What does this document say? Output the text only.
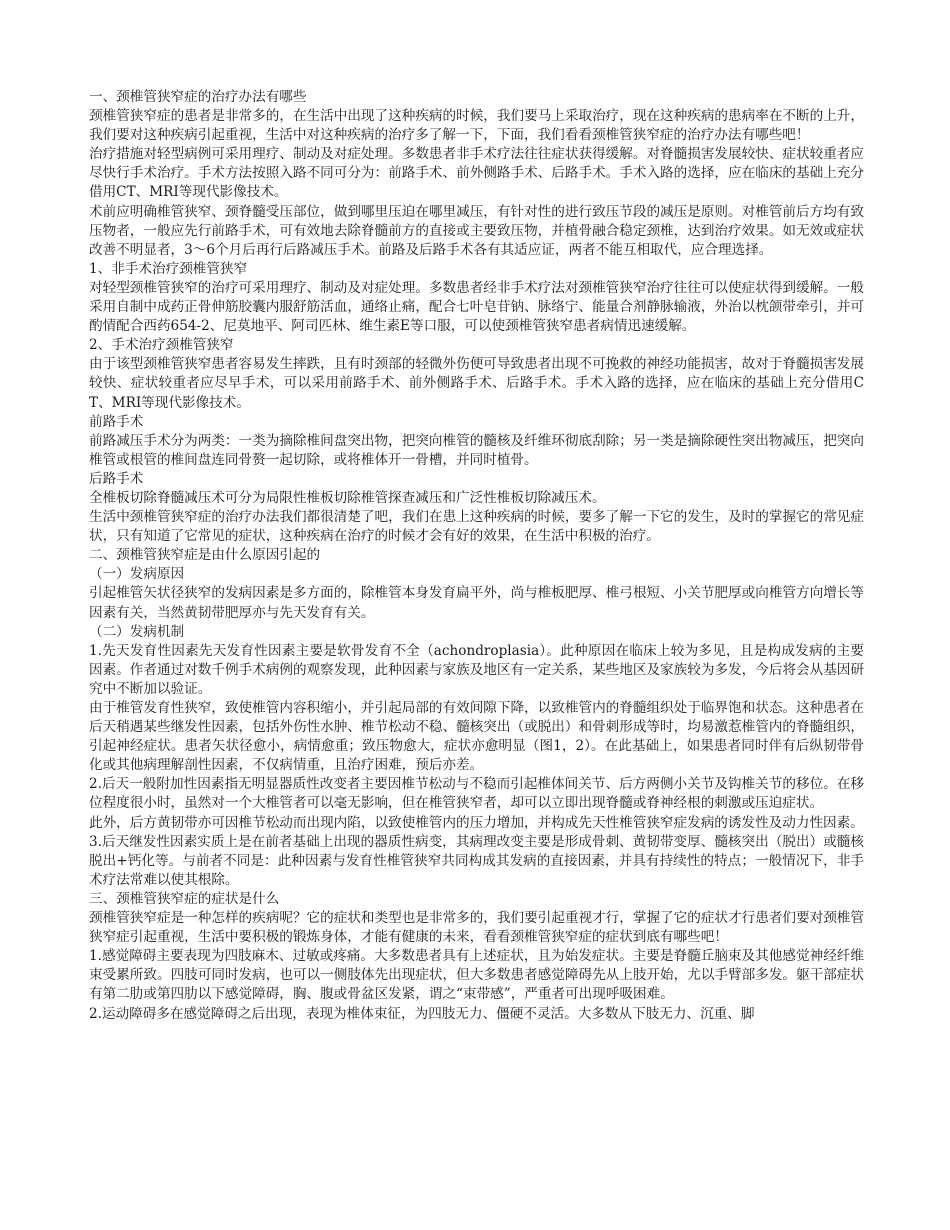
一、颈椎管狭窄症的治疗办法有哪些

颈椎管狭窄症的患者是非常多的，在生活中出现了这种疾病的时候，我们要马上采取治疗，现在这种疾病的患病率在不断的上升，我们要对这种疾病引起重视，生活中对这种疾病的治疗多了解一下，下面，我们看看颈椎管狭窄症的治疗办法有哪些吧！

治疗措施对轻型病例可采用理疗、制动及对症处理。多数患者非手术疗法往往症状获得缓解。对脊髓损害发展较快、症状较重者应尽快行手术治疗。手术方法按照入路不同可分为：前路手术、前外侧路手术、后路手术。手术入路的选择，应在临床的基础上充分借用CT、MRI等现代影像技术。

术前应明确椎管狭窄、颈脊髓受压部位，做到哪里压迫在哪里减压，有针对性的进行致压节段的减压是原则。对椎管前后方均有致压物者，一般应先行前路手术，可有效地去除脊髓前方的直接或主要致压物，并植骨融合稳定颈椎，达到治疗效果。如无效或症状改善不明显者，3～6个月后再行后路减压手术。前路及后路手术各有其适应证，两者不能互相取代，应合理选择。

1、非手术治疗颈椎管狭窄

对轻型颈椎管狭窄的治疗可采用理疗、制动及对症处理。多数患者经非手术疗法对颈椎管狭窄治疗往往可以使症状得到缓解。一般采用自制中成药正骨伸筋胶囊内服舒筋活血，通络止痛，配合七叶皂苷钠、脉络宁、能量合剂静脉输液，外治以枕颌带牵引，并可酌情配合西药654-2、尼莫地平、阿司匹林、维生素E等口服，可以使颈椎管狭窄患者病情迅速缓解。

2、手术治疗颈椎管狭窄

由于该型颈椎管狭窄患者容易发生摔跌，且有时颈部的轻微外伤便可导致患者出现不可挽救的神经功能损害，故对于脊髓损害发展较快、症状较重者应尽早手术，可以采用前路手术、前外侧路手术、后路手术。手术入路的选择，应在临床的基础上充分借用CT、MRI等现代影像技术。

前路手术

前路减压手术分为两类：一类为摘除椎间盘突出物，把突向椎管的髓核及纤维环彻底刮除；另一类是摘除硬性突出物减压，把突向椎管或根管的椎间盘连同骨赘一起切除，或将椎体开一骨槽，并同时植骨。

后路手术

全椎板切除脊髓减压术可分为局限性椎板切除椎管探查减压和广泛性椎板切除减压术。

生活中颈椎管狭窄症的治疗办法我们都很清楚了吧，我们在患上这种疾病的时候，要多了解一下它的发生，及时的掌握它的常见症状，只有知道了它常见的症状，这种疾病在治疗的时候才会有好的效果，在生活中积极的治疗。

二、颈椎管狭窄症是由什么原因引起的

（一）发病原因

引起椎管矢状径狭窄的发病因素是多方面的，除椎管本身发育扁平外，尚与椎板肥厚、椎弓根短、小关节肥厚或向椎管方向增长等因素有关，当然黄韧带肥厚亦与先天发育有关。

（二）发病机制

1.先天发育性因素先天发育性因素主要是软骨发育不全（achondroplasia）。此种原因在临床上较为多见，且是构成发病的主要因素。作者通过对数千例手术病例的观察发现，此种因素与家族及地区有一定关系，某些地区及家族较为多发，今后将会从基因研究中不断加以验证。

由于椎管发育性狭窄，致使椎管内容积缩小，并引起局部的有效间隙下降，以致椎管内的脊髓组织处于临界饱和状态。这种患者在后天稍遇某些继发性因素，包括外伤性水肿、椎节松动不稳、髓核突出（或脱出）和骨刺形成等时，均易激惹椎管内的脊髓组织，引起神经症状。患者矢状径愈小，病情愈重；致压物愈大，症状亦愈明显（图1，2）。在此基础上，如果患者同时伴有后纵韧带骨化或其他病理解剖性因素，不仅病情重，且治疗困难，预后亦差。

2.后天一般附加性因素指无明显器质性改变者主要因椎节松动与不稳而引起椎体间关节、后方两侧小关节及钩椎关节的移位。在移位程度很小时，虽然对一个大椎管者可以毫无影响，但在椎管狭窄者，却可以立即出现脊髓或脊神经根的刺激或压迫症状。

此外，后方黄韧带亦可因椎节松动而出现内陷，以致使椎管内的压力增加，并构成先天性椎管狭窄症发病的诱发性及动力性因素。

3.后天继发性因素实质上是在前者基础上出现的器质性病变，其病理改变主要是形成骨刺、黄韧带变厚、髓核突出（脱出）或髓核脱出+钙化等。与前者不同是：此种因素与发育性椎管狭窄共同构成其发病的直接因素，并具有持续性的特点；一般情况下，非手术疗法常难以使其根除。

三、颈椎管狭窄症的症状是什么

颈椎管狭窄症是一种怎样的疾病呢？它的症状和类型也是非常多的，我们要引起重视才行，掌握了它的症状才行患者们要对颈椎管狭窄症引起重视，生活中要积极的锻炼身体，才能有健康的未来，看看颈椎管狭窄症的症状到底有哪些吧！

1.感觉障碍主要表现为四肢麻木、过敏或疼痛。大多数患者具有上述症状，且为始发症状。主要是脊髓丘脑束及其他感觉神经纤维束受累所致。四肢可同时发病，也可以一侧肢体先出现症状，但大多数患者感觉障碍先从上肢开始，尤以手臂部多发。躯干部症状有第二肋或第四肋以下感觉障碍，胸、腹或骨盆区发紧，谓之“束带感”，严重者可出现呼吸困难。

2.运动障碍多在感觉障碍之后出现，表现为椎体束征，为四肢无力、僵硬不灵活。大多数从下肢无力、沉重、脚
